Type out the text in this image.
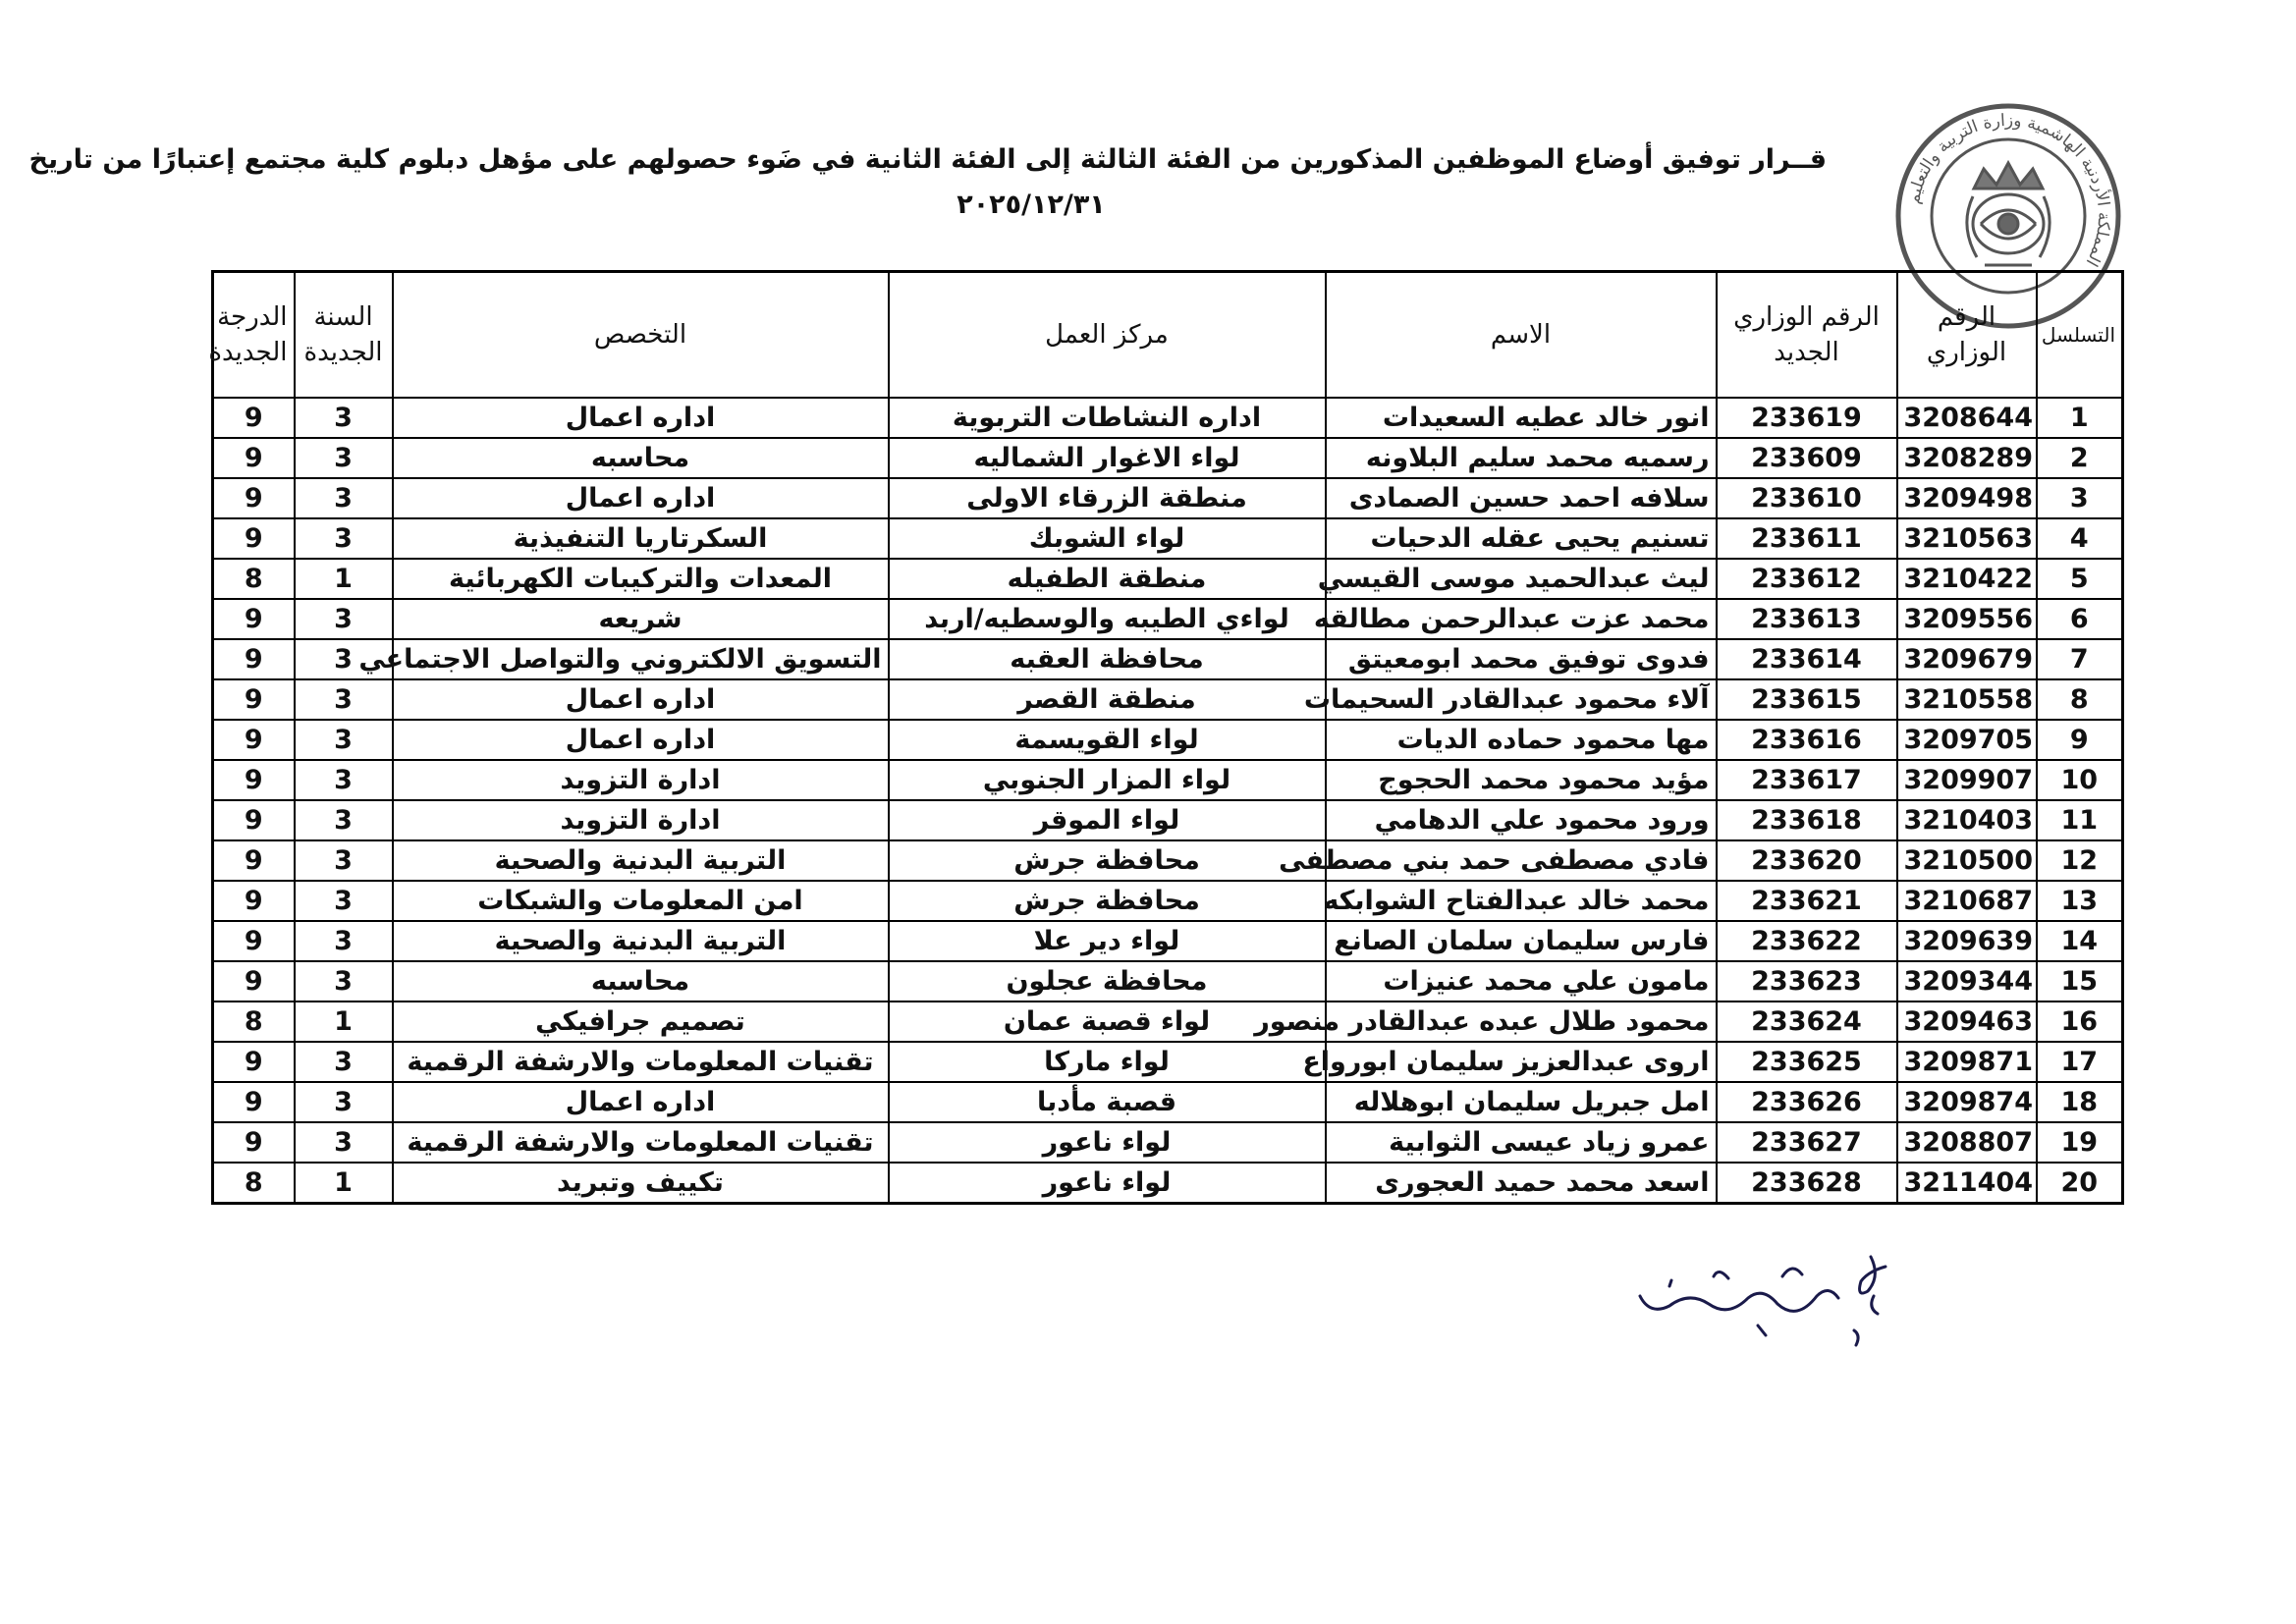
المملكة الأردنية الهاشمية وزارة التربية والتعليم
قــرار توفيق أوضاع الموظفين المذكورين من الفئة الثالثة إلى الفئة الثانية في ضَوء حصولهم على مؤهل دبلوم كلية مجتمع إعتبارًا من تاريخ
٢٠٢٥/١٢/٣١
التسلسل	الرقم الوزاري	الرقم الوزاري الجديد	الاسم	مركز العمل	التخصص	السنة الجديدة	الدرجة الجديدة
1	3208644	233619	انور خالد عطيه السعيدات	اداره النشاطات التربوية	اداره اعمال	3	9
2	3208289	233609	رسميه محمد سليم البلاونه	لواء الاغوار الشماليه	محاسبه	3	9
3	3209498	233610	سلافه احمد حسين الصمادى	منطقة الزرقاء الاولى	اداره اعمال	3	9
4	3210563	233611	تسنيم يحيى عقله الدحيات	لواء الشوبك	السكرتاريا التنفيذية	3	9
5	3210422	233612	ليث عبدالحميد موسى القيسي	منطقة الطفيله	المعدات والتركيبات الكهربائية	1	8
6	3209556	233613	محمد عزت عبدالرحمن مطالقه	لواءي الطيبه والوسطيه/اربد	شريعه	3	9
7	3209679	233614	فدوى توفيق محمد ابومعيتق	محافظة العقبه	التسويق الالكتروني والتواصل الاجتماعي	3	9
8	3210558	233615	آلاء محمود عبدالقادر السحيمات	منطقة القصر	اداره اعمال	3	9
9	3209705	233616	مها محمود حماده الديات	لواء القويسمة	اداره اعمال	3	9
10	3209907	233617	مؤيد محمود محمد الحجوج	لواء المزار الجنوبي	ادارة التزويد	3	9
11	3210403	233618	ورود محمود علي الدهامي	لواء الموقر	ادارة التزويد	3	9
12	3210500	233620	فادي مصطفى حمد بني مصطفى	محافظة جرش	التربية البدنية والصحية	3	9
13	3210687	233621	محمد خالد عبدالفتاح الشوابكه	محافظة جرش	امن المعلومات والشبكات	3	9
14	3209639	233622	فارس سليمان سلمان الصانع	لواء دير علا	التربية البدنية والصحية	3	9
15	3209344	233623	مامون علي محمد عنيزات	محافظة عجلون	محاسبه	3	9
16	3209463	233624	محمود طلال عبده عبدالقادر منصور	لواء قصبة عمان	تصميم جرافيكي	1	8
17	3209871	233625	اروى عبدالعزيز سليمان ابورواع	لواء ماركا	تقنيات المعلومات والارشفة الرقمية	3	9
18	3209874	233626	امل جبريل سليمان ابوهلاله	قصبة مأدبا	اداره اعمال	3	9
19	3208807	233627	عمرو زياد عيسى الثوابية	لواء ناعور	تقنيات المعلومات والارشفة الرقمية	3	9
20	3211404	233628	اسعد محمد حميد العجورى	لواء ناعور	تكييف وتبريد	1	8
د. جهاد رشيد
